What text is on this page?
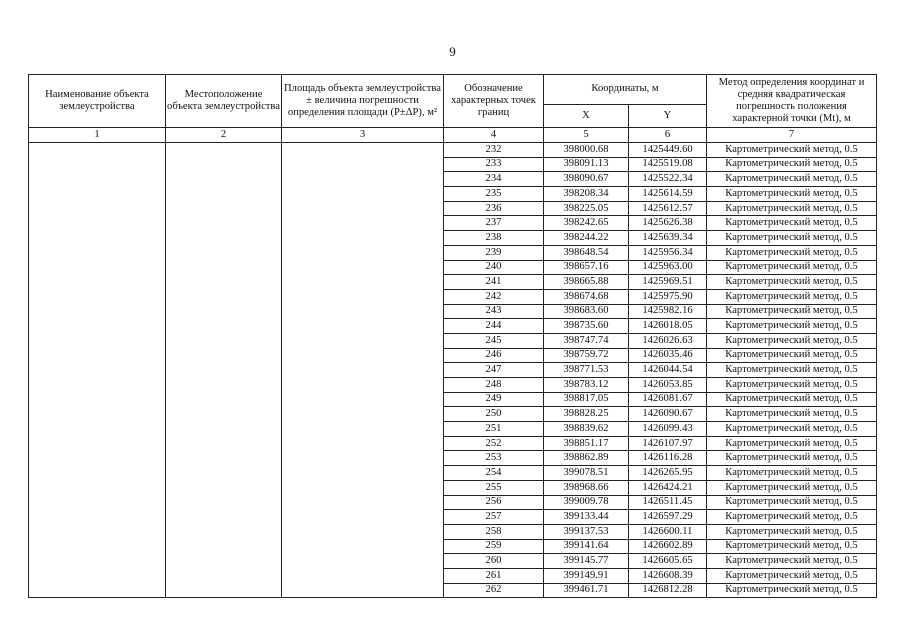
9
Наименование объекта землеустройства	Местоположение объекта землеустройства	Площадь объекта землеустройства ± величина погрешности определения площади (P±ΔP), м²	Обозначение характерных точек границ	Координаты, м		Метод определения координат и средняя квадратическая погрешность положения характерной точки (Mt), м
				X	Y	
1	2	3	4	5	6	7
			232	398000.68	1425449.60	Картометрический метод, 0.5
			233	398091.13	1425519.08	Картометрический метод, 0.5
			234	398090.67	1425522.34	Картометрический метод, 0.5
			235	398208.34	1425614.59	Картометрический метод, 0.5
			236	398225.05	1425612.57	Картометрический метод, 0.5
			237	398242.65	1425626.38	Картометрический метод, 0.5
			238	398244.22	1425639.34	Картометрический метод, 0.5
			239	398648.54	1425956.34	Картометрический метод, 0.5
			240	398657.16	1425963.00	Картометрический метод, 0.5
			241	398665.88	1425969.51	Картометрический метод, 0.5
			242	398674.68	1425975.90	Картометрический метод, 0.5
			243	398683.60	1425982.16	Картометрический метод, 0.5
			244	398735.60	1426018.05	Картометрический метод, 0.5
			245	398747.74	1426026.63	Картометрический метод, 0.5
			246	398759.72	1426035.46	Картометрический метод, 0.5
			247	398771.53	1426044.54	Картометрический метод, 0.5
			248	398783.12	1426053.85	Картометрический метод, 0.5
			249	398817.05	1426081.67	Картометрический метод, 0.5
			250	398828.25	1426090.67	Картометрический метод, 0.5
			251	398839.62	1426099.43	Картометрический метод, 0.5
			252	398851.17	1426107.97	Картометрический метод, 0.5
			253	398862.89	1426116.28	Картометрический метод, 0.5
			254	399078.51	1426265.95	Картометрический метод, 0.5
			255	398968.66	1426424.21	Картометрический метод, 0.5
			256	399009.78	1426511.45	Картометрический метод, 0.5
			257	399133.44	1426597.29	Картометрический метод, 0.5
			258	399137.53	1426600.11	Картометрический метод, 0.5
			259	399141.64	1426602.89	Картометрический метод, 0.5
			260	399145.77	1426605.65	Картометрический метод, 0.5
			261	399149.91	1426608.39	Картометрический метод, 0.5
			262	399461.71	1426812.28	Картометрический метод, 0.5
